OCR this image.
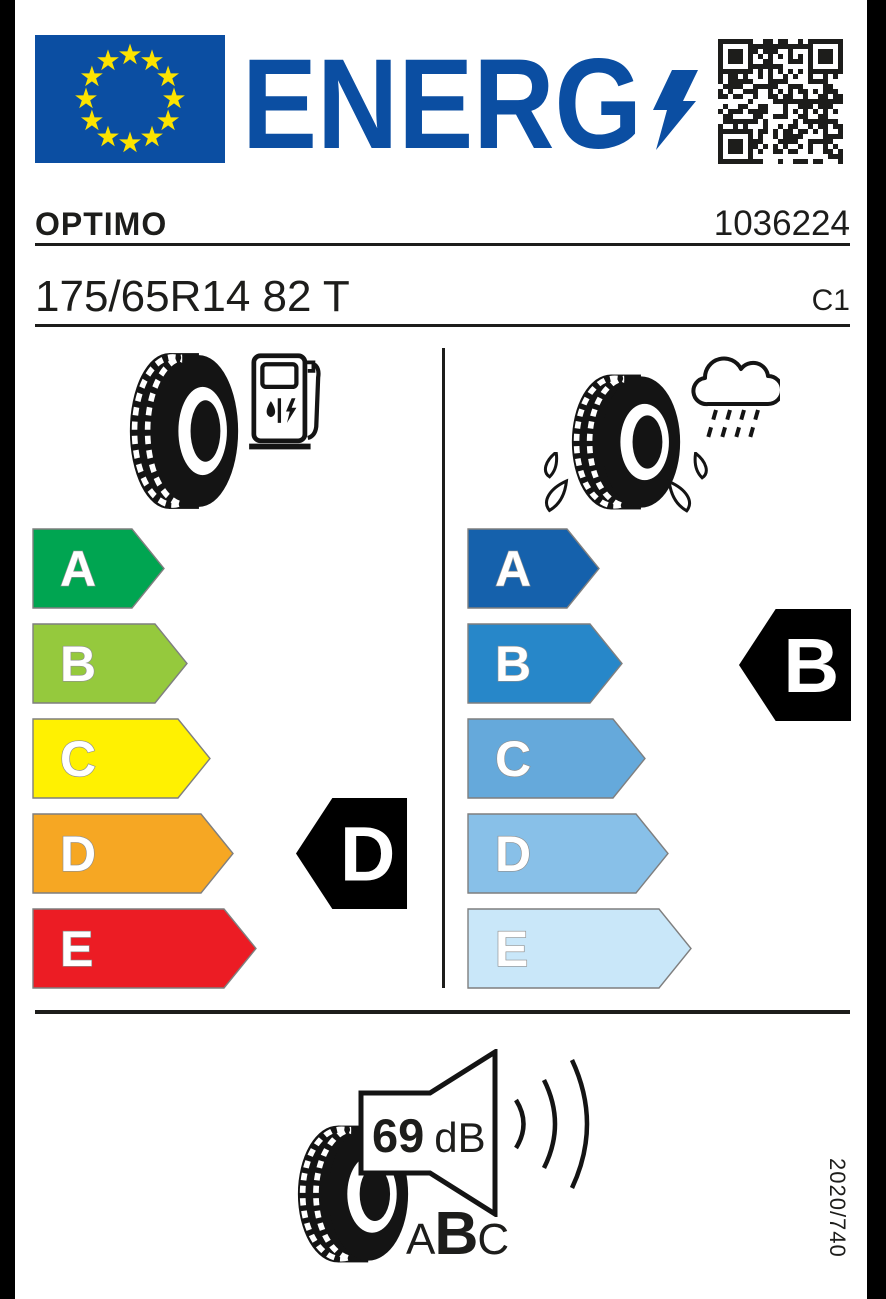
ENERG
OPTIMO	1036224
175/65R14 82 T	C1
A
B
C
D
E
A
B
C
D
E
D
B
69 dB
A B C	2020/740
